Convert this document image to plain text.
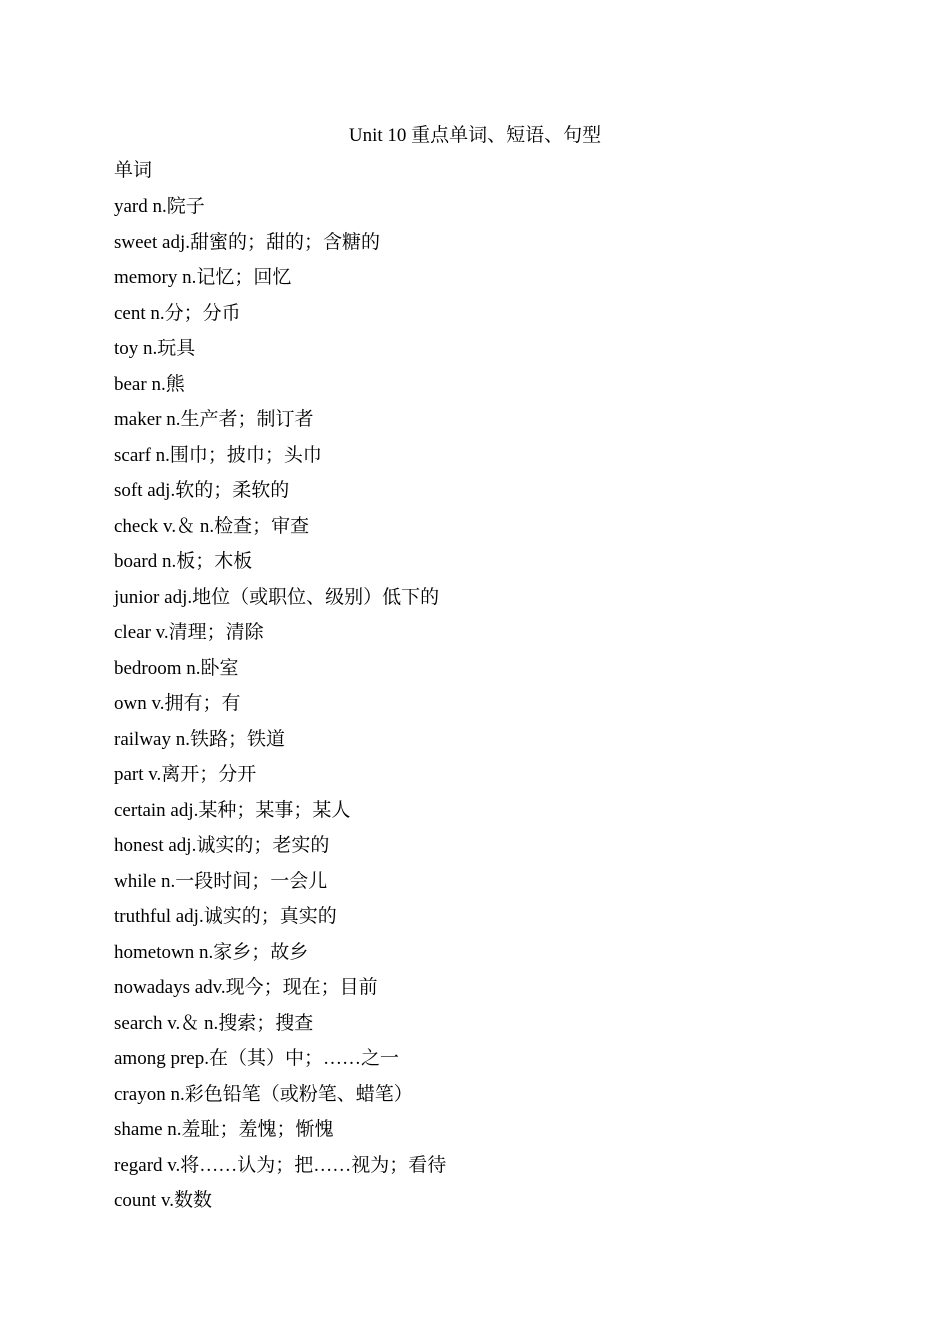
Unit 10 重点单词、短语、句型
单词
yard n.院子
sweet adj.甜蜜的；甜的；含糖的
memory n.记忆；回忆
cent n.分；分币
toy n.玩具
bear n.熊
maker n.生产者；制订者
scarf n.围巾；披巾；头巾
soft adj.软的；柔软的
check v.＆ n.检查；审查
board n.板；木板
junior adj.地位（或职位、级别）低下的
clear v.清理；清除
bedroom n.卧室
own v.拥有；有
railway n.铁路；铁道
part v.离开；分开
certain adj.某种；某事；某人
honest adj.诚实的；老实的
while n.一段时间；一会儿
truthful adj.诚实的；真实的
hometown n.家乡；故乡
nowadays adv.现今；现在；目前
search v.＆ n.搜索；搜查
among prep.在（其）中；……之一
crayon n.彩色铅笔（或粉笔、蜡笔）
shame n.羞耻；羞愧；惭愧
regard v.将……认为；把……视为；看待
count v.数数
